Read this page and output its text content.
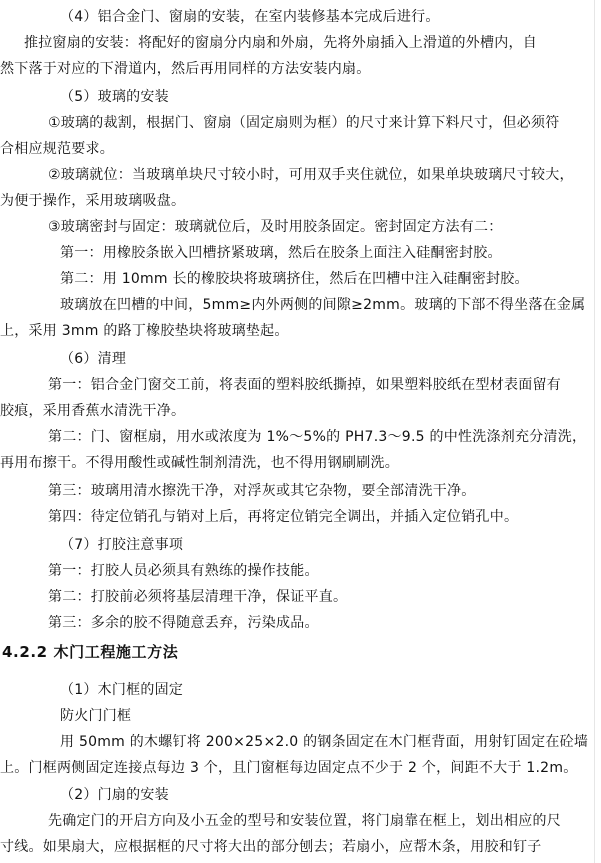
（4）铝合金门、窗扇的安装，在室内装修基本完成后进行。
推拉窗扇的安装：将配好的窗扇分内扇和外扇，先将外扇插入上滑道的外槽内，自
然下落于对应的下滑道内，然后再用同样的方法安装内扇。
（5）玻璃的安装
①玻璃的裁割，根据门、窗扇（固定扇则为框）的尺寸来计算下料尺寸，但必须符
合相应规范要求。
②玻璃就位：当玻璃单块尺寸较小时，可用双手夹住就位，如果单块玻璃尺寸较大，
为便于操作，采用玻璃吸盘。
③玻璃密封与固定：玻璃就位后，及时用胶条固定。密封固定方法有二：
第一：用橡胶条嵌入凹槽挤紧玻璃，然后在胶条上面注入硅酮密封胶。
第二：用 10mm 长的橡胶块将玻璃挤住，然后在凹槽中注入硅酮密封胶。
玻璃放在凹槽的中间，5mm≥内外两侧的间隙≥2mm。玻璃的下部不得坐落在金属
上，采用 3mm 的路丁橡胶垫块将玻璃垫起。
（6）清理
第一：铝合金门窗交工前，将表面的塑料胶纸撕掉，如果塑料胶纸在型材表面留有
胶痕，采用香蕉水清洗干净。
第二：门、窗框扇，用水或浓度为 1%～5%的 PH7.3～9.5 的中性洗涤剂充分清洗，
再用布擦干。不得用酸性或碱性制剂清洗，也不得用钢刷刷洗。
第三：玻璃用清水擦洗干净，对浮灰或其它杂物，要全部清洗干净。
第四：待定位销孔与销对上后，再将定位销完全调出，并插入定位销孔中。
（7）打胶注意事项
第一：打胶人员必须具有熟练的操作技能。
第二：打胶前必须将基层清理干净，保证平直。
第三：多余的胶不得随意丢弃，污染成品。
4.2.2 木门工程施工方法
（1）木门框的固定
防火门门框
用 50mm 的木螺钉将 200×25×2.0 的钢条固定在木门框背面，用射钉固定在砼墙
上。门框两侧固定连接点每边 3 个，且门窗框每边固定点不少于 2 个，间距不大于 1.2m。
（2）门扇的安装
先确定门的开启方向及小五金的型号和安装位置，将门扇靠在框上，划出相应的尺
寸线。如果扇大，应根据框的尺寸将大出的部分刨去；若扇小，应帮木条，用胶和钉子
